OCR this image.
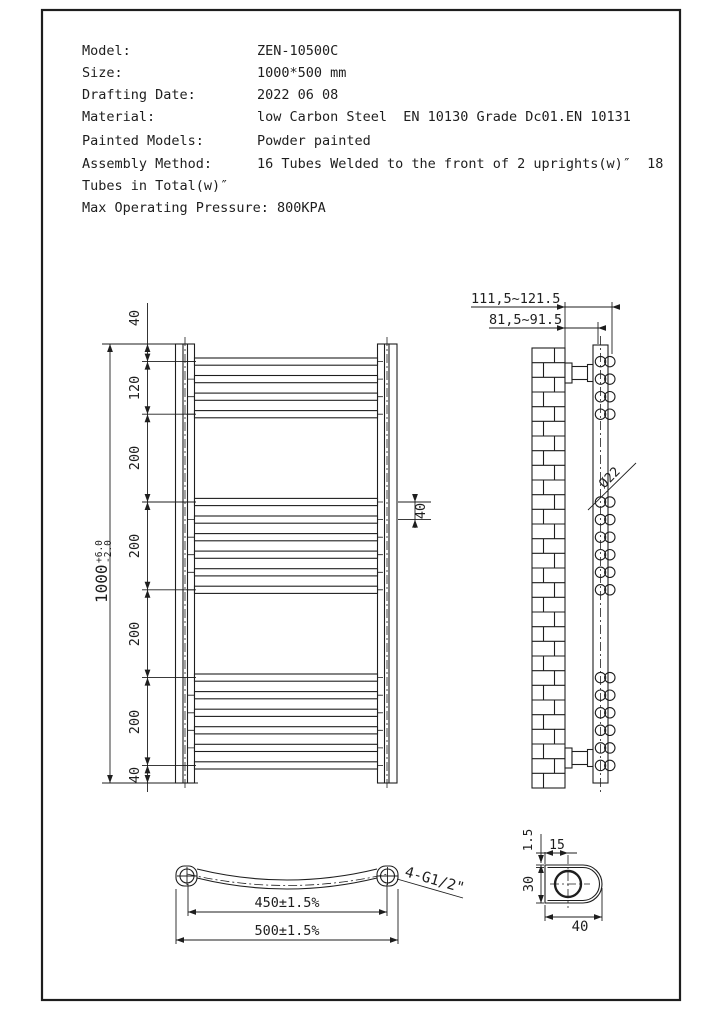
Model:	ZEN-10500C
Size:	1000*500 mm
Drafting Date:	2022 06 08
Material:	low Carbon Steel  EN 10130 Grade Dc01.EN 10131
Painted Models:	Powder painted
Assembly Method:	16 Tubes Welded to the front of 2 uprights(w)″  18
Tubes in Total(w)″
Max Operating Pressure: 800KPA
40
120
200
200
200
200
40
1000
+6.0
-2.0
40
111,5~121.5
81,5~91.5
Ø22
450±1.5%
500±1.5%
4-G1/2"
1.5 15
30
40
